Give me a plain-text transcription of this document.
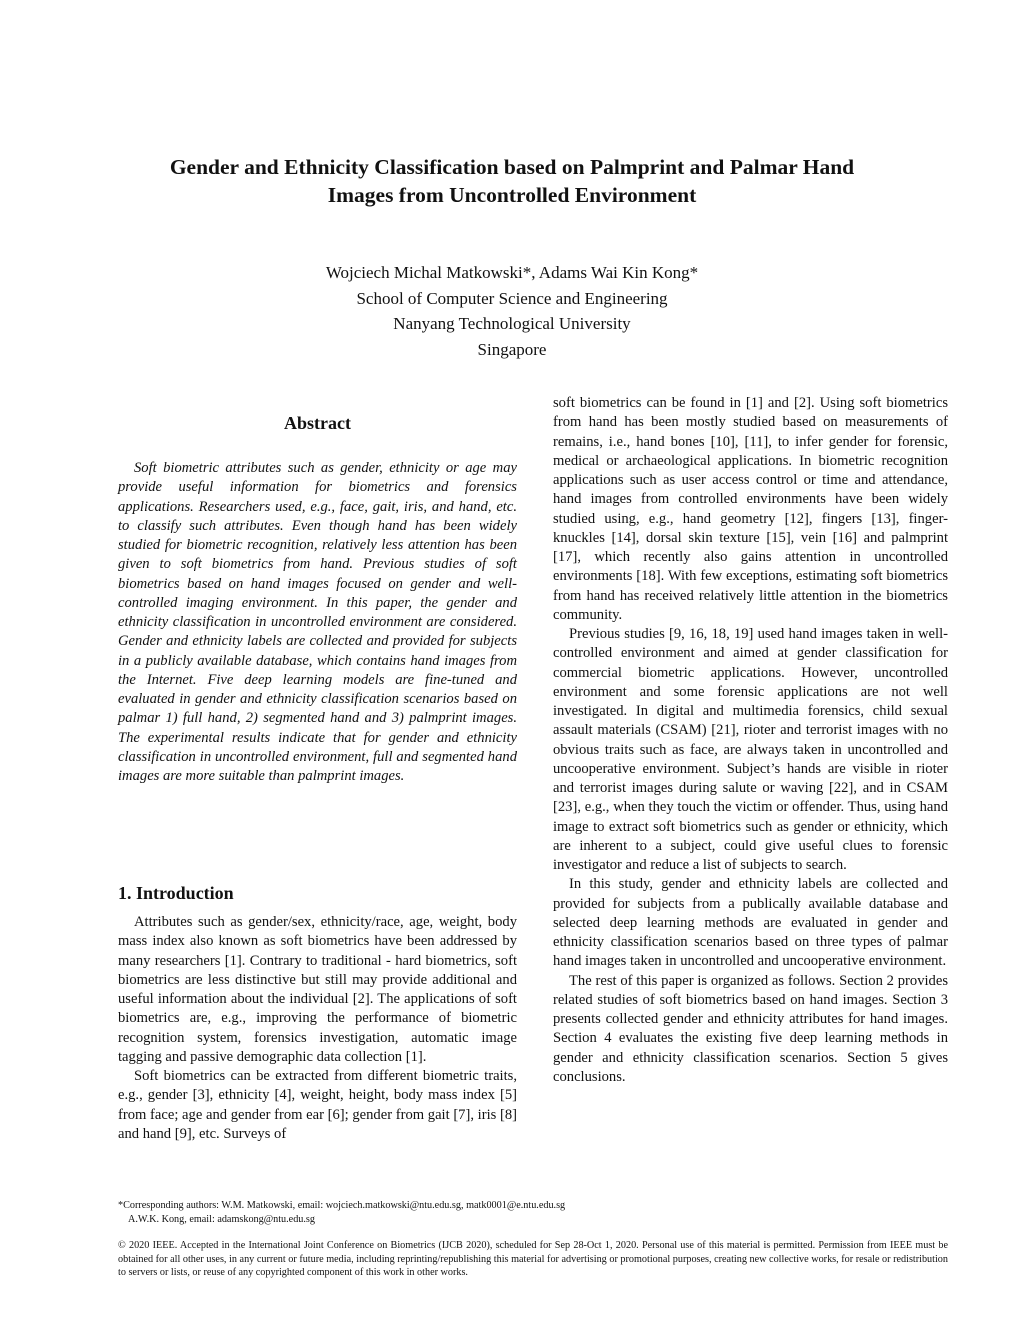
Gender and Ethnicity Classification based on Palmprint and Palmar Hand
Images from Uncontrolled Environment
Wojciech Michal Matkowski*, Adams Wai Kin Kong*
School of Computer Science and Engineering
Nanyang Technological University
Singapore
Abstract

Soft biometric attributes such as gender, ethnicity or age may provide useful information for biometrics and forensics applications. Researchers used, e.g., face, gait, iris, and hand, etc. to classify such attributes. Even though hand has been widely studied for biometric recognition, relatively less attention has been given to soft biometrics from hand. Previous studies of soft biometrics based on hand images focused on gender and well-controlled imaging environment. In this paper, the gender and ethnicity classification in uncontrolled environment are considered. Gender and ethnicity labels are collected and provided for subjects in a publicly available database, which contains hand images from the Internet. Five deep learning models are fine-tuned and evaluated in gender and ethnicity classification scenarios based on palmar 1) full hand, 2) segmented hand and 3) palmprint images. The experimental results indicate that for gender and ethnicity classification in uncontrolled environment, full and segmented hand images are more suitable than palmprint images.

1. Introduction

Attributes such as gender/sex, ethnicity/race, age, weight, body mass index also known as soft biometrics have been addressed by many researchers [1]. Contrary to traditional - hard biometrics, soft biometrics are less distinctive but still may provide additional and useful information about the individual [2]. The applications of soft biometrics are, e.g., improving the performance of biometric recognition system, forensics investigation, automatic image tagging and passive demographic data collection [1].

Soft biometrics can be extracted from different biometric traits, e.g., gender [3], ethnicity [4], weight, height, body mass index [5] from face; age and gender from ear [6]; gender from gait [7], iris [8] and hand [9], etc. Surveys of

soft biometrics can be found in [1] and [2]. Using soft biometrics from hand has been mostly studied based on measurements of remains, i.e., hand bones [10], [11], to infer gender for forensic, medical or archaeological applications. In biometric recognition applications such as user access control or time and attendance, hand images from controlled environments have been widely studied using, e.g., hand geometry [12], fingers [13], finger-knuckles [14], dorsal skin texture [15], vein [16] and palmprint [17], which recently also gains attention in uncontrolled environments [18]. With few exceptions, estimating soft biometrics from hand has received relatively little attention in the biometrics community.

Previous studies [9, 16, 18, 19] used hand images taken in well-controlled environment and aimed at gender classification for commercial biometric applications. However, uncontrolled environment and some forensic applications are not well investigated. In digital and multimedia forensics, child sexual assault materials (CSAM) [21], rioter and terrorist images with no obvious traits such as face, are always taken in uncontrolled and uncooperative environment. Subject’s hands are visible in rioter and terrorist images during salute or waving [22], and in CSAM [23], e.g., when they touch the victim or offender. Thus, using hand image to extract soft biometrics such as gender or ethnicity, which are inherent to a subject, could give useful clues to forensic investigator and reduce a list of subjects to search.

In this study, gender and ethnicity labels are collected and provided for subjects from a publically available database and selected deep learning methods are evaluated in gender and ethnicity classification scenarios based on three types of palmar hand images taken in uncontrolled and uncooperative environment.

The rest of this paper is organized as follows. Section 2 provides related studies of soft biometrics based on hand images. Section 3 presents collected gender and ethnicity attributes for hand images. Section 4 evaluates the existing five deep learning methods in gender and ethnicity classification scenarios. Section 5 gives conclusions.

*Corresponding authors: W.M. Matkowski, email: wojciech.matkowski@ntu.edu.sg, matk0001@e.ntu.edu.sg
A.W.K. Kong, email: adamskong@ntu.edu.sg
© 2020 IEEE. Accepted in the International Joint Conference on Biometrics (IJCB 2020), scheduled for Sep 28-Oct 1, 2020. Personal use of this material is permitted. Permission from IEEE must be obtained for all other uses, in any current or future media, including reprinting/republishing this material for advertising or promotional purposes, creating new collective works, for resale or redistribution to servers or lists, or reuse of any copyrighted component of this work in other works.
